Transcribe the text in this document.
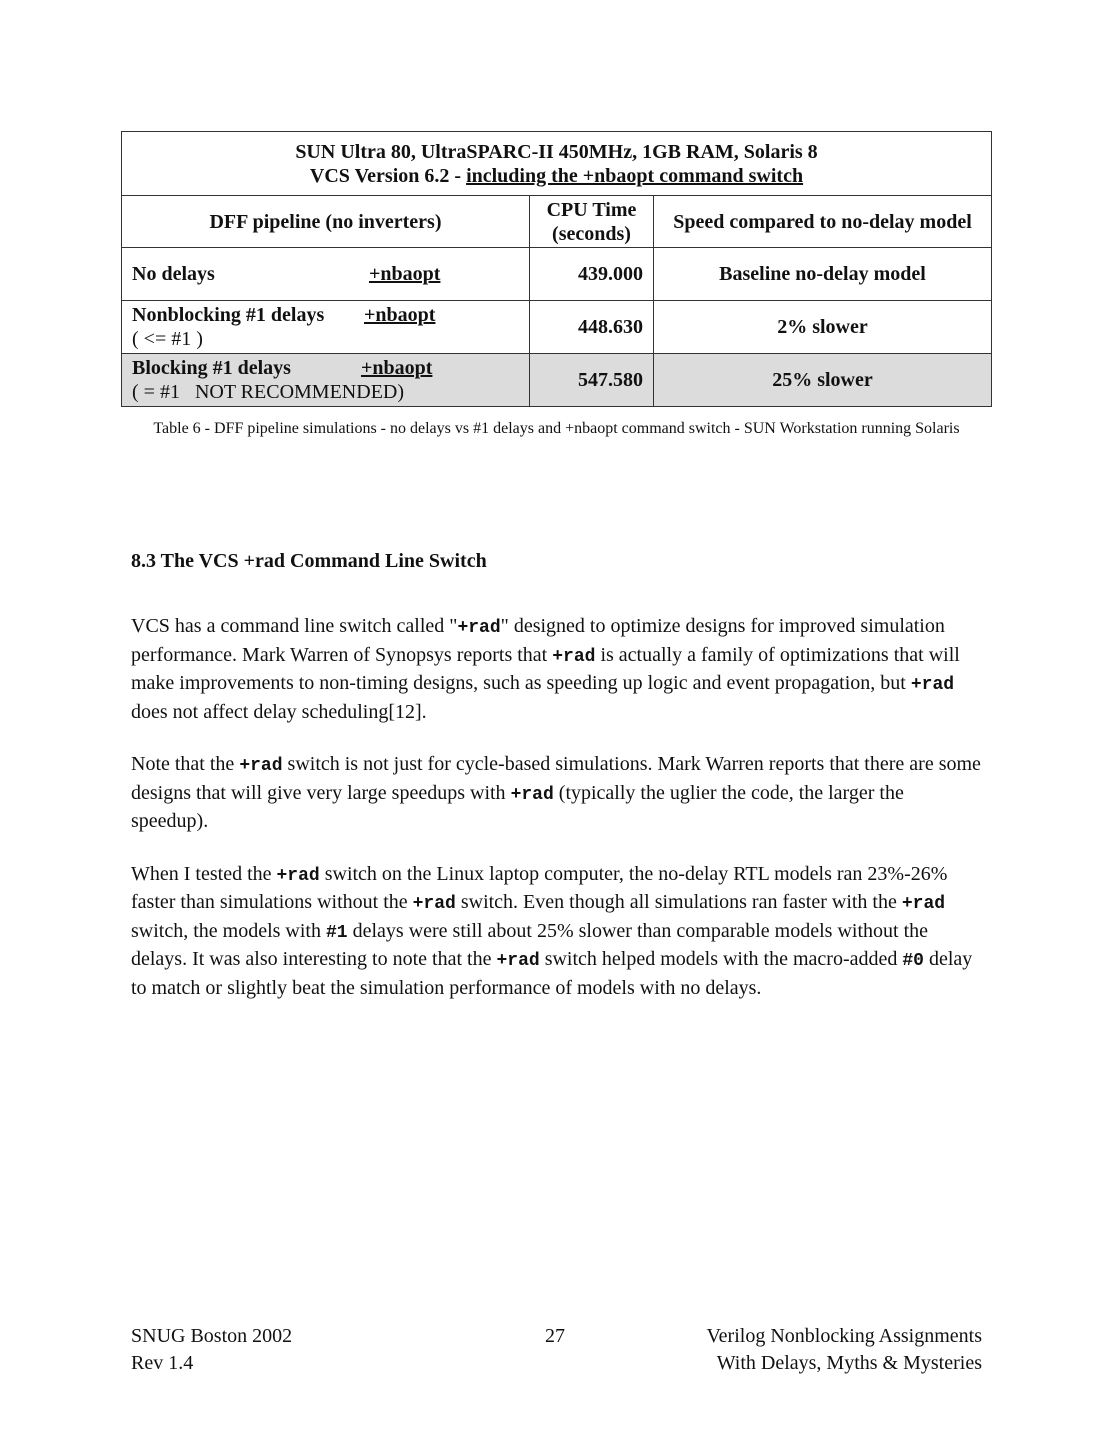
SUN Ultra 80, UltraSPARC-II 450MHz, 1GB RAM, Solaris 8
VCS Version 6.2 - including the +nbaopt command switch		

DFF pipeline (no inverters)	CPU Time (seconds)	Speed compared to no-delay model
No delays +nbaopt	439.000	Baseline no-delay model
Nonblocking #1 delays +nbaopt
( <= #1 )	448.630	2% slower
Blocking #1 delays +nbaopt
( = #1   NOT RECOMMENDED)	547.580	25% slower
Table 6 - DFF pipeline simulations - no delays vs #1 delays and +nbaopt command switch - SUN Workstation running Solaris
8.3 The VCS +rad Command Line Switch

VCS has a command line switch called "+rad" designed to optimize designs for improved simulation performance. Mark Warren of Synopsys reports that +rad is actually a family of optimizations that will make improvements to non-timing designs, such as speeding up logic and event propagation, but +rad does not affect delay scheduling[12].

Note that the +rad switch is not just for cycle-based simulations. Mark Warren reports that there are some designs that will give very large speedups with +rad (typically the uglier the code, the larger the speedup).

When I tested the +rad switch on the Linux laptop computer, the no-delay RTL models ran 23%-26% faster than simulations without the +rad switch. Even though all simulations ran faster with the +rad switch, the models with #1 delays were still about 25% slower than comparable models without the delays. It was also interesting to note that the +rad switch helped models with the macro-added #0 delay to match or slightly beat the simulation performance of models with no delays.

SNUG Boston 2002
Rev 1.4
27	Verilog Nonblocking Assignments
With Delays, Myths & Mysteries
